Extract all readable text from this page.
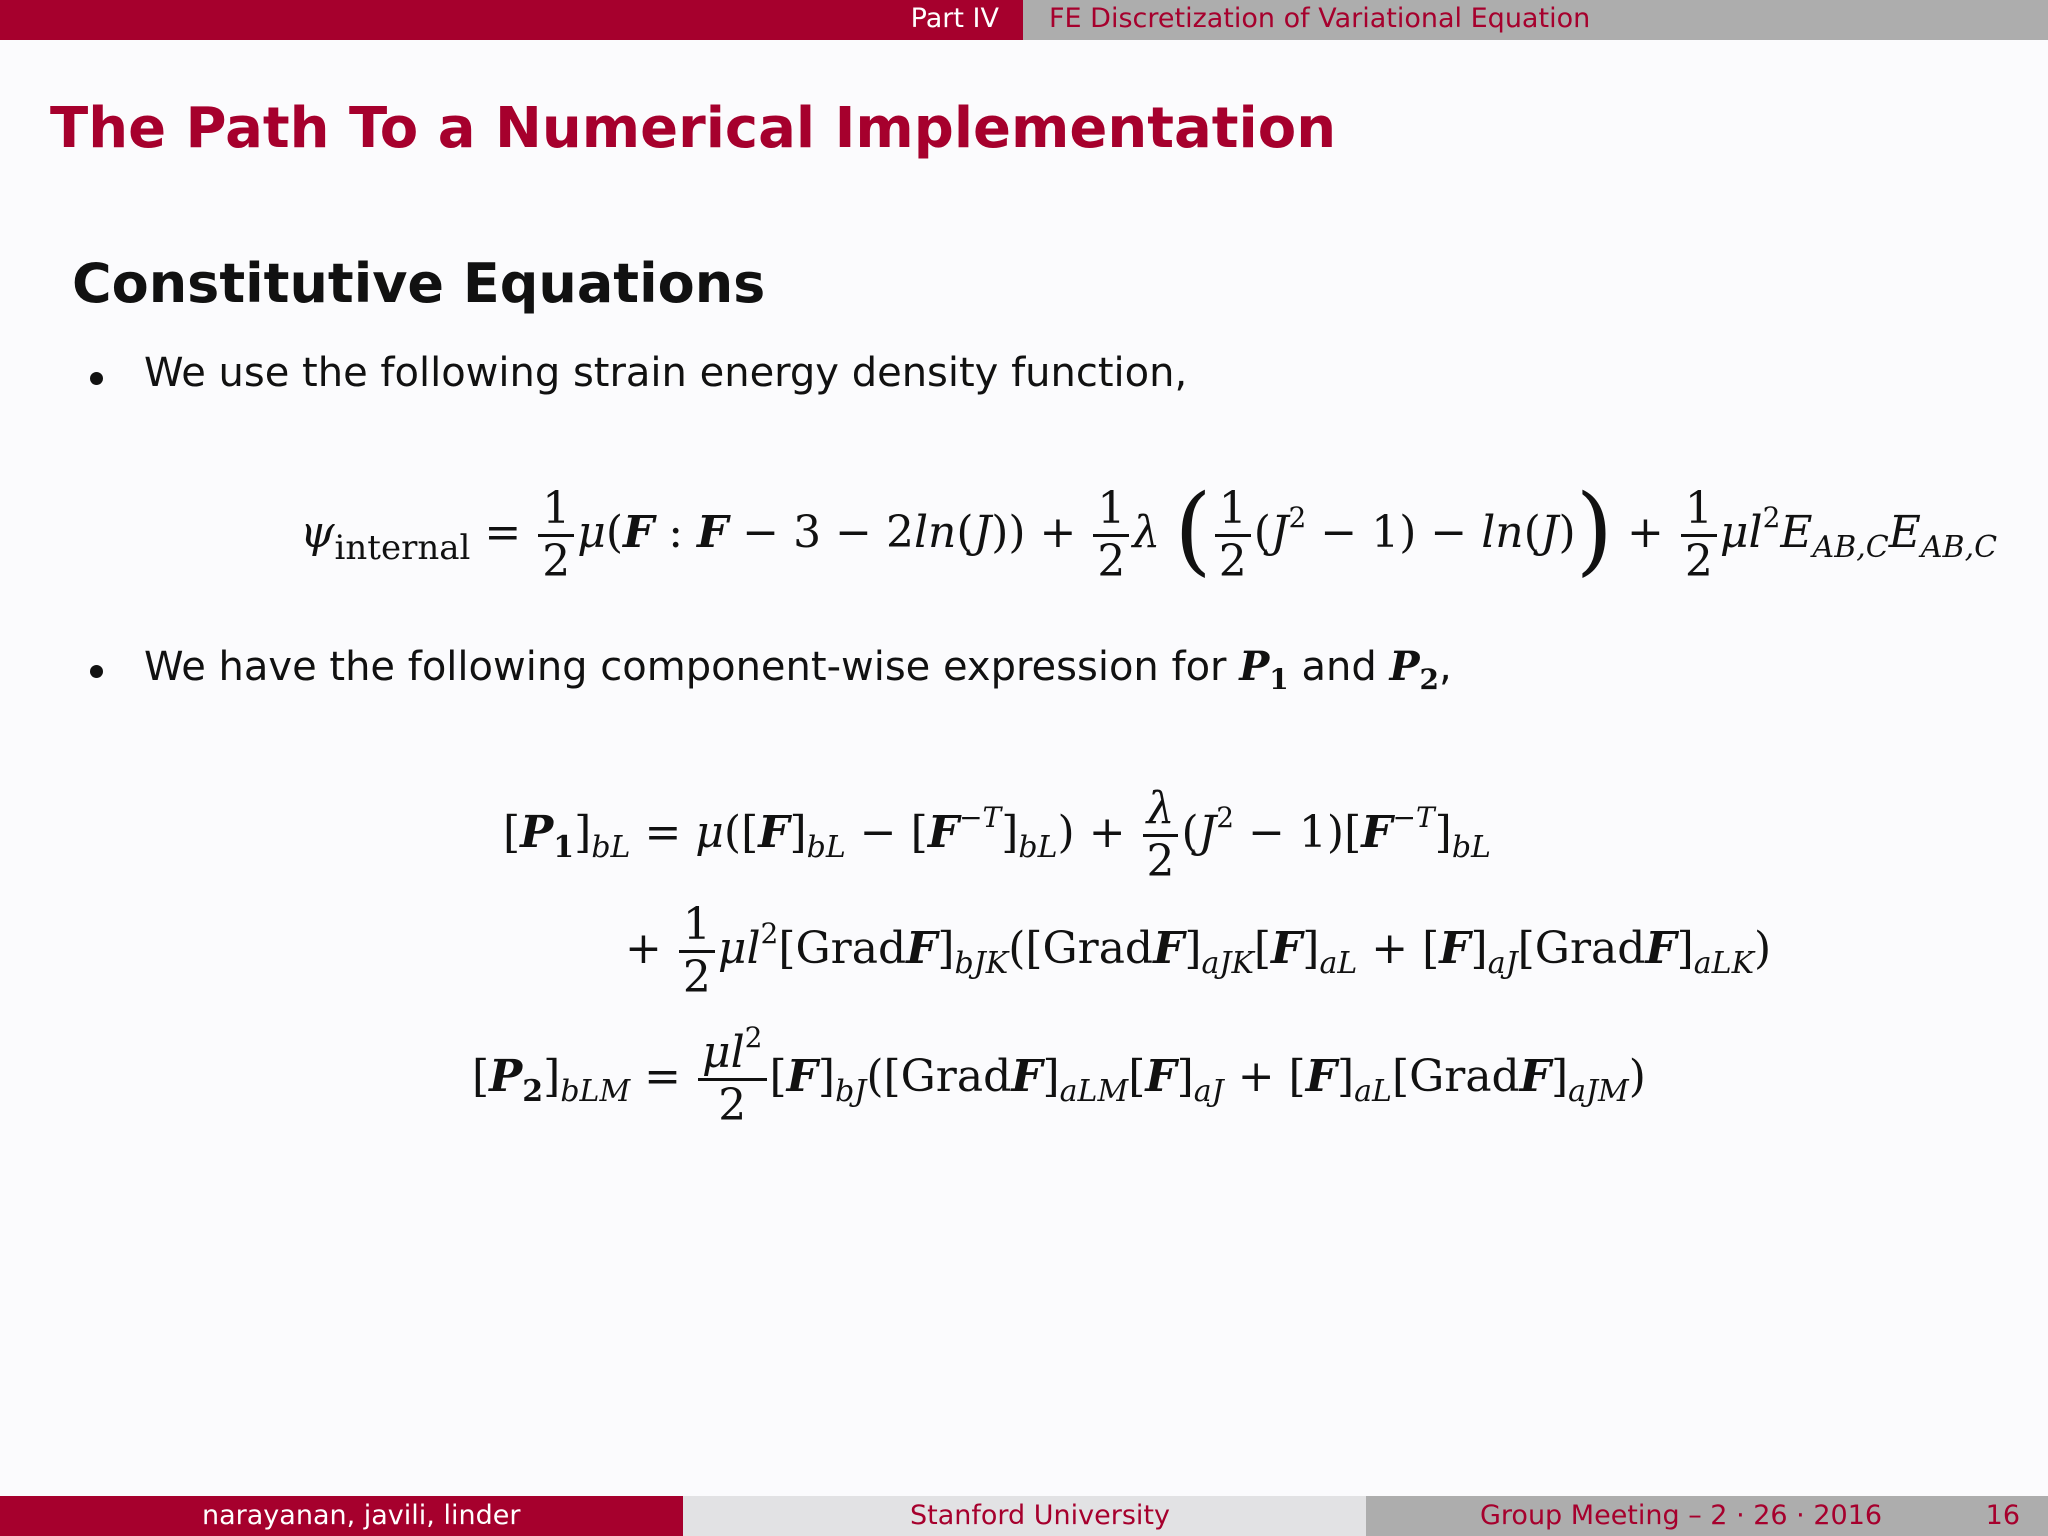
Part IV	FE Discretization of Variational Equation
The Path To a Numerical Implementation
Constitutive Equations
We use the following strain energy density function,
$\psi_{internal} = \frac{1}{2} \mu(F$ : $F - 3 - 2\ln(J)) + \frac{1}{2}$ λ ( $\frac{1}{2} (J^2 - 1) - \ln(J)) + \frac{1}{2} \mu l^2E_{AB,C}E_{AB,C}$
We have the following component-wise expression for $P_1$ and $P_2$,
$[P_1]_{bL} = \mu([F]_{bL} - [F^{-T}]_{bL}) + \frac{\lambda}{2} (J^2 - 1)[F^{-T}]_{bL}$
+ $\frac{1}{2}$ $\mu l^2[GradF]_{bJK}([GradF]_{aJK}[F]_{aL}$ + $[F]_{aJ}[GradF]_{aLK}$)
$[P_2]_{bLM} = \frac{\mu l^2}{2}$ $[F]_{bJ}([GradF]_{aLM}[F]_{aJ}$ + $[F]_{aL}[GradF]_{aJM}$)
narayanan, javili, linder	Stanford University	Group Meeting – 2 · 26 · 2016	16
